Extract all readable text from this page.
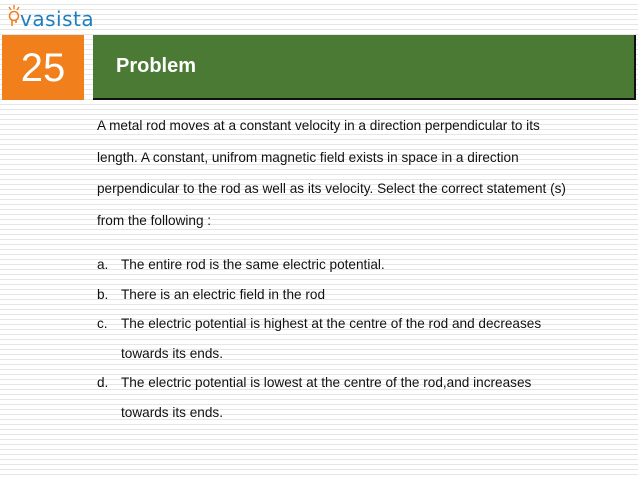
vasista
25	Problem

A metal rod moves at a constant velocity in a direction perpendicular to its
length. A constant, unifrom magnetic field exists in space in a direction
perpendicular to the rod as well as its velocity. Select the correct statement (s)
from the following :

a. The entire rod is the same electric potential.
b. There is an electric field in the rod
c. The electric potential is highest at the centre of the rod and decreases
towards its ends.
d. The electric potential is lowest at the centre of the rod,and increases
towards its ends.
